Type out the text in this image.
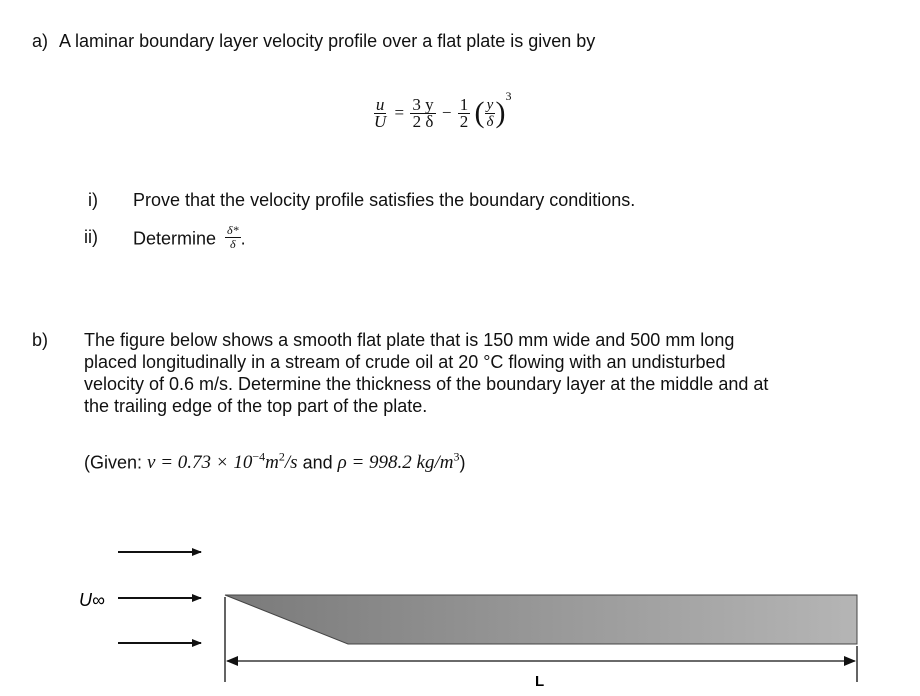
a) A laminar boundary layer velocity profile over a flat plate is given by
$\frac{u}{U} = \frac{3 y}{2 \delta} - \frac{1}{2}$ ( $\frac{y}{\delta} )^3$
i) Prove that the velocity profile satisfies the boundary conditions.
ii) Determine $\frac{\delta*}{\delta}$ .
b) The figure below shows a smooth flat plate that is 150 mm wide and 500 mm long
placed longitudinally in a stream of crude oil at 20 °C flowing with an undisturbed
velocity of 0.6 m/s. Determine the thickness of the boundary layer at the middle and at
the trailing edge of the top part of the plate.
(Given: $\nu = 0.73 \times 10^{-4}m^2/s$ and ρ = 998.2 $kg/m^3$)
U∞
L
